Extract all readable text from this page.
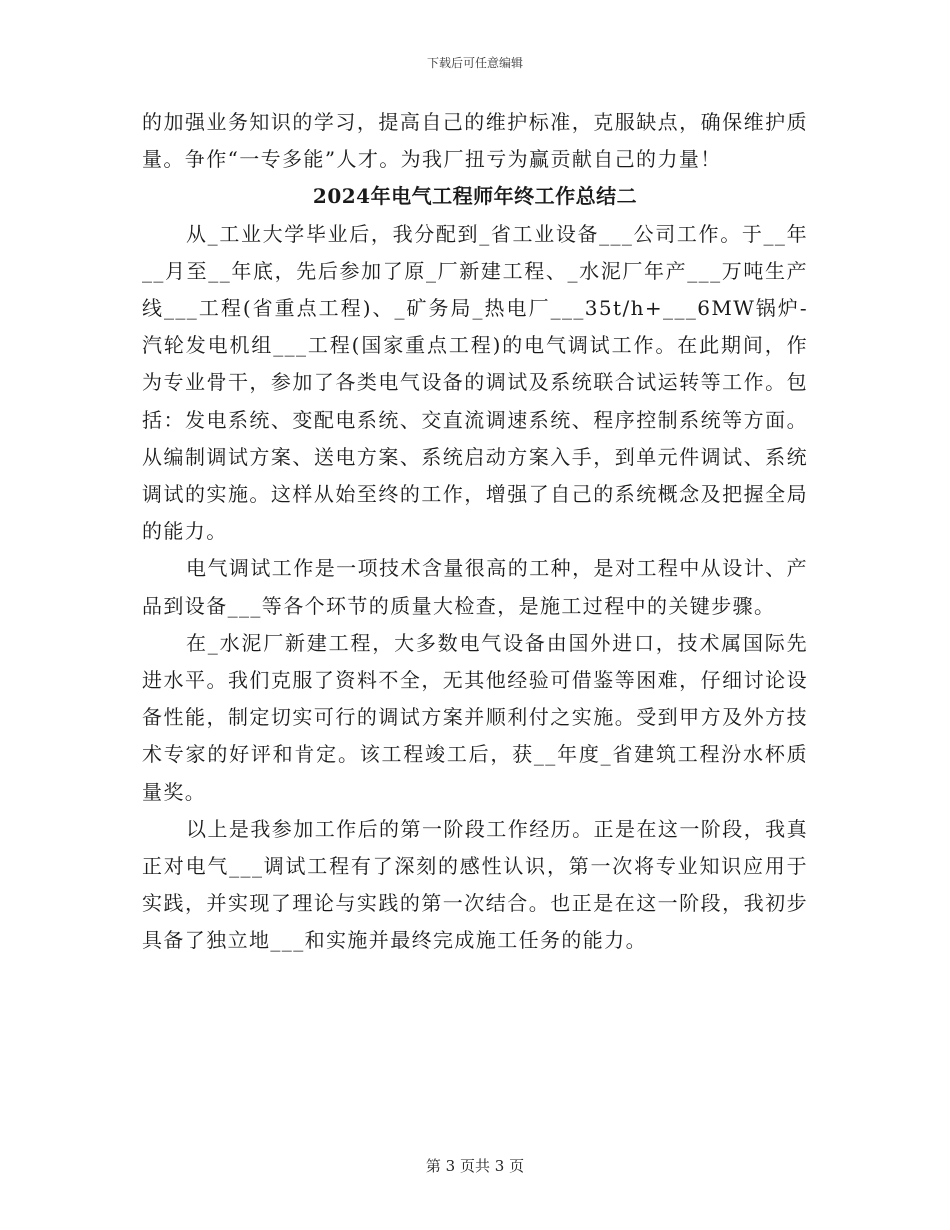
下载后可任意编辑

的加强业务知识的学习，提高自己的维护标准，克服缺点，确保维护质量。争作“一专多能”人才。为我厂扭亏为赢贡献自己的力量！

2024年电气工程师年终工作总结二

从_工业大学毕业后，我分配到_省工业设备___公司工作。于__年__月至__年底，先后参加了原_厂新建工程、_水泥厂年产___万吨生产线___工程(省重点工程)、_矿务局_热电厂___35t/h+___6MW锅炉-汽轮发电机组___工程(国家重点工程)的电气调试工作。在此期间，作为专业骨干，参加了各类电气设备的调试及系统联合试运转等工作。包括：发电系统、变配电系统、交直流调速系统、程序控制系统等方面。从编制调试方案、送电方案、系统启动方案入手，到单元件调试、系统调试的实施。这样从始至终的工作，增强了自己的系统概念及把握全局的能力。

电气调试工作是一项技术含量很高的工种，是对工程中从设计、产品到设备___等各个环节的质量大检查，是施工过程中的关键步骤。

在_水泥厂新建工程，大多数电气设备由国外进口，技术属国际先进水平。我们克服了资料不全，无其他经验可借鉴等困难，仔细讨论设备性能，制定切实可行的调试方案并顺利付之实施。受到甲方及外方技术专家的好评和肯定。该工程竣工后，获__年度_省建筑工程汾水杯质量奖。

以上是我参加工作后的第一阶段工作经历。正是在这一阶段，我真正对电气___调试工程有了深刻的感性认识，第一次将专业知识应用于实践，并实现了理论与实践的第一次结合。也正是在这一阶段，我初步具备了独立地___和实施并最终完成施工任务的能力。

第 3 页共 3 页
